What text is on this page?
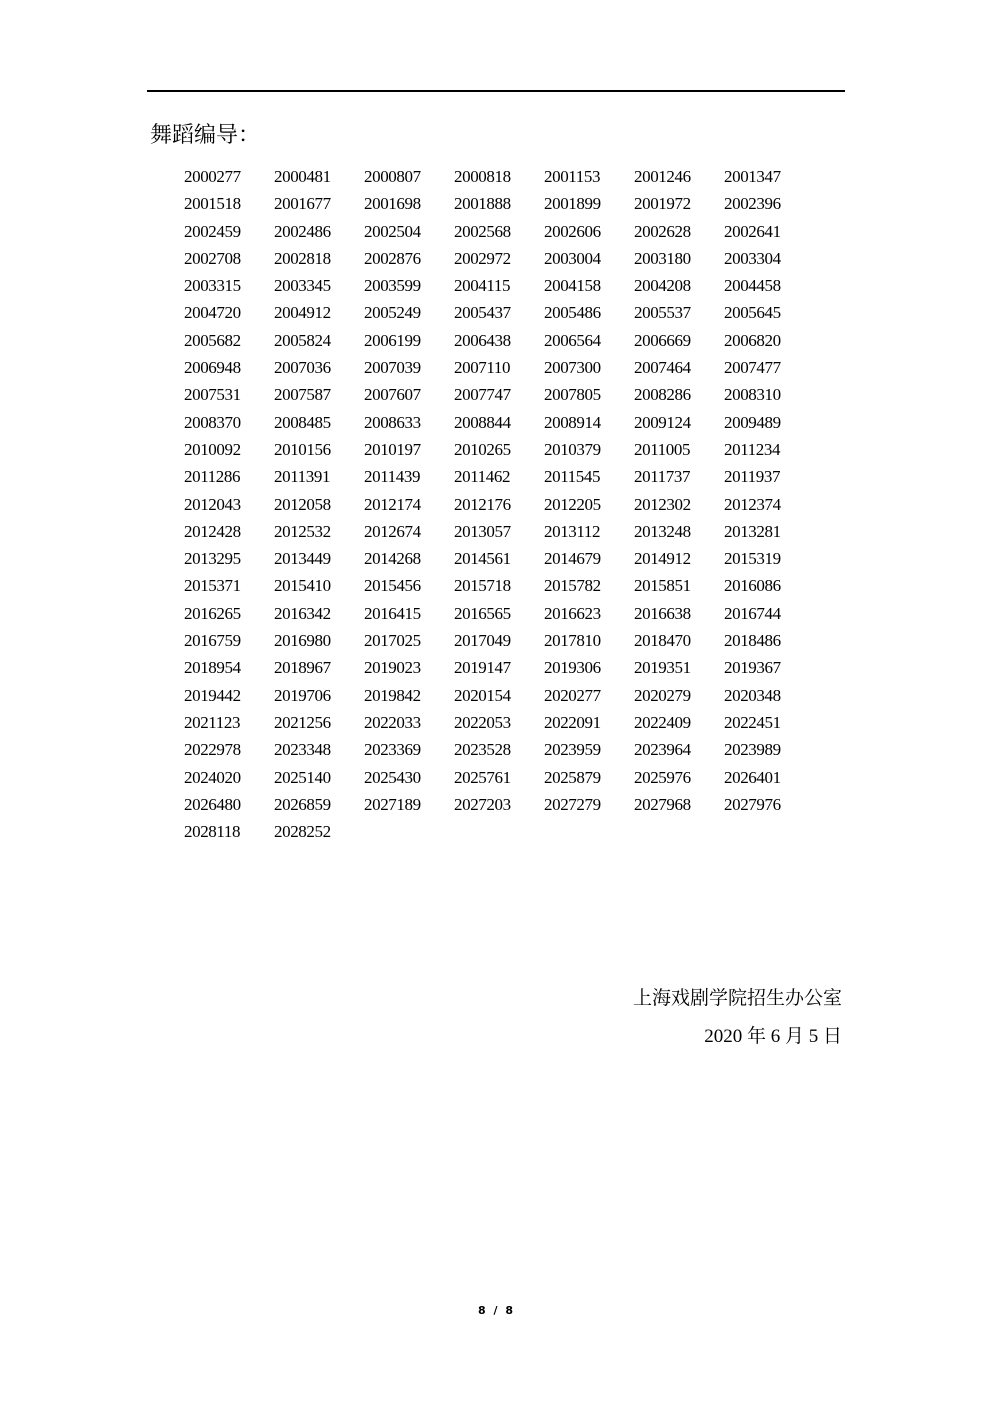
舞蹈编导：
2000277	2000481	2000807	2000818	2001153	2001246	2001347
2001518	2001677	2001698	2001888	2001899	2001972	2002396
2002459	2002486	2002504	2002568	2002606	2002628	2002641
2002708	2002818	2002876	2002972	2003004	2003180	2003304
2003315	2003345	2003599	2004115	2004158	2004208	2004458
2004720	2004912	2005249	2005437	2005486	2005537	2005645
2005682	2005824	2006199	2006438	2006564	2006669	2006820
2006948	2007036	2007039	2007110	2007300	2007464	2007477
2007531	2007587	2007607	2007747	2007805	2008286	2008310
2008370	2008485	2008633	2008844	2008914	2009124	2009489
2010092	2010156	2010197	2010265	2010379	2011005	2011234
2011286	2011391	2011439	2011462	2011545	2011737	2011937
2012043	2012058	2012174	2012176	2012205	2012302	2012374
2012428	2012532	2012674	2013057	2013112	2013248	2013281
2013295	2013449	2014268	2014561	2014679	2014912	2015319
2015371	2015410	2015456	2015718	2015782	2015851	2016086
2016265	2016342	2016415	2016565	2016623	2016638	2016744
2016759	2016980	2017025	2017049	2017810	2018470	2018486
2018954	2018967	2019023	2019147	2019306	2019351	2019367
2019442	2019706	2019842	2020154	2020277	2020279	2020348
2021123	2021256	2022033	2022053	2022091	2022409	2022451
2022978	2023348	2023369	2023528	2023959	2023964	2023989
2024020	2025140	2025430	2025761	2025879	2025976	2026401
2026480	2026859	2027189	2027203	2027279	2027968	2027976
2028118	2028252
上海戏剧学院招生办公室
2020 年 6 月 5 日
8 / 8
